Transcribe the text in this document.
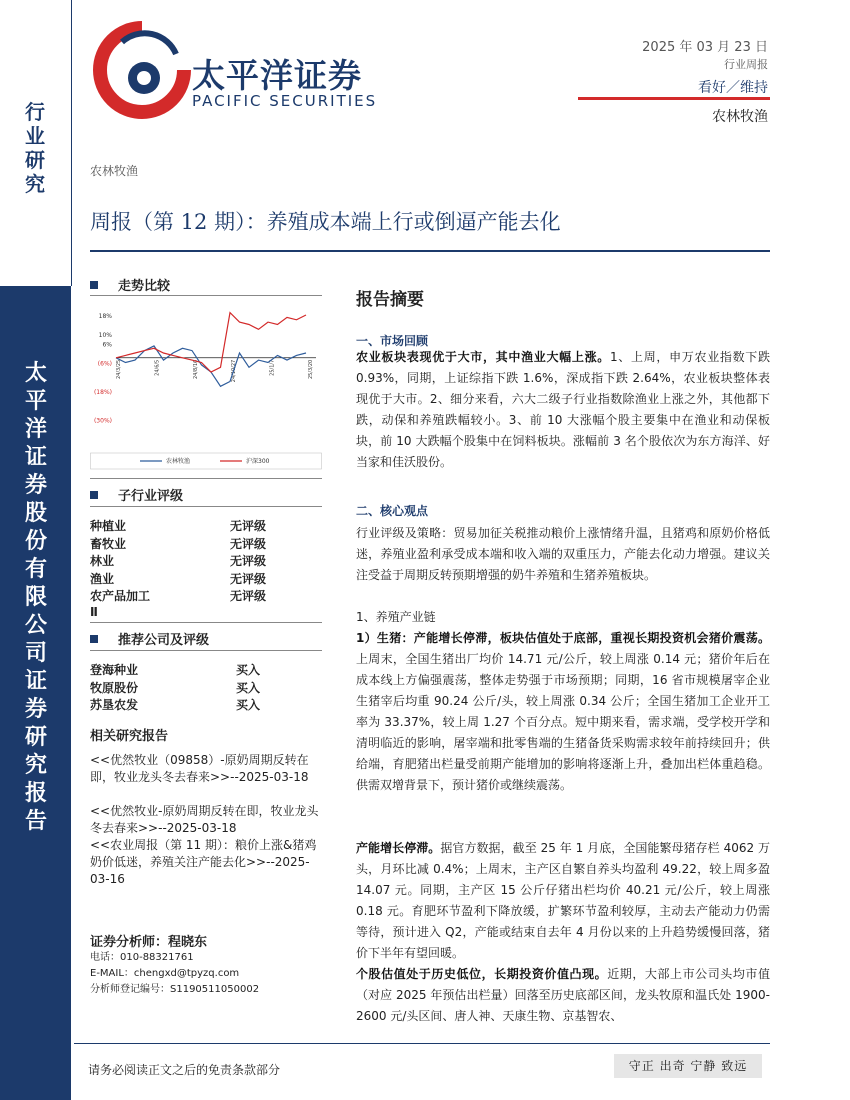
行业研究
太平洋证券股份有限公司证券研究报告
太平洋证券
PACIFIC SECURITIES
2025 年 03 月 23 日
行业周报
看好／维持
农林牧渔
农林牧渔
周报（第 12 期）：养殖成本端上行或倒逼产能去化
走势比较
10%
18%
6%
(6%)
(18%)
(30%)
24/3/25	24/6/5	24/8/16	24/10/27	25/1/7	25/3/20
农林牧渔	沪深300
子行业评级
种植业	无评级
畜牧业	无评级
林业	无评级
渔业	无评级
农产品加工	无评级
Ⅱ
推荐公司及评级
登海种业	买入
牧原股份	买入
苏垦农发	买入
相关研究报告
<<优然牧业（09858）-原奶周期反转在即，牧业龙头冬去春来>>--2025-03-18
<<优然牧业-原奶周期反转在即，牧业龙头冬去春来>>--2025-03-18
<<农业周报（第 11 期）：粮价上涨&猪鸡奶价低迷，养殖关注产能去化>>--2025-03-16
证券分析师：程晓东
电话：010-88321761
E-MAIL：chengxd@tpyzq.com
分析师登记编号：S1190511050002
报告摘要
一、市场回顾
农业板块表现优于大市，其中渔业大幅上涨。1、上周，申万农业指数下跌 0.93%，同期，上证综指下跌 1.6%，深成指下跌 2.64%，农业板块整体表现优于大市。2、细分来看，六大二级子行业指数除渔业上涨之外，其他都下跌，动保和养殖跌幅较小。3、前 10 大涨幅个股主要集中在渔业和动保板块，前 10 大跌幅个股集中在饲料板块。涨幅前 3 名个股依次为东方海洋、好当家和佳沃股份。
二、核心观点
行业评级及策略：贸易加征关税推动粮价上涨情绪升温，且猪鸡和原奶价格低迷，养殖业盈利承受成本端和收入端的双重压力，产能去化动力增强。建议关注受益于周期反转预期增强的奶牛养殖和生猪养殖板块。
1、养殖产业链
1）生猪：产能增长停滞，板块估值处于底部，重视长期投资机会猪价震荡。上周末，全国生猪出厂均价 14.71 元/公斤，较上周涨 0.14 元；猪价年后在成本线上方偏强震荡，整体走势强于市场预期；同期，16 省市规模屠宰企业生猪宰后均重 90.24 公斤/头，较上周涨 0.34 公斤；全国生猪加工企业开工率为 33.37%，较上周 1.27 个百分点。短中期来看，需求端，受学校开学和清明临近的影响，屠宰端和批零售端的生猪备货采购需求较年前持续回升；供给端，育肥猪出栏量受前期产能增加的影响将逐渐上升，叠加出栏体重趋稳。供需双增背景下，预计猪价或继续震荡。
产能增长停滞。据官方数据，截至 25 年 1 月底，全国能繁母猪存栏 4062 万头，月环比减 0.4%；上周末，主产区自繁自养头均盈利 49.22，较上周多盈 14.07 元。同期，主产区 15 公斤仔猪出栏均价 40.21 元/公斤，较上周涨 0.18 元。育肥环节盈利下降放缓，扩繁环节盈利较厚，主动去产能动力仍需等待，预计进入 Q2，产能或结束自去年 4 月份以来的上升趋势缓慢回落，猪价下半年有望回暖。
个股估值处于历史低位，长期投资价值凸现。近期，大部上市公司头均市值（对应 2025 年预估出栏量）回落至历史底部区间，龙头牧原和温氏处 1900-2600 元/头区间、唐人神、天康生物、京基智农、
请务必阅读正文之后的免责条款部分	守正 出奇 宁静 致远
